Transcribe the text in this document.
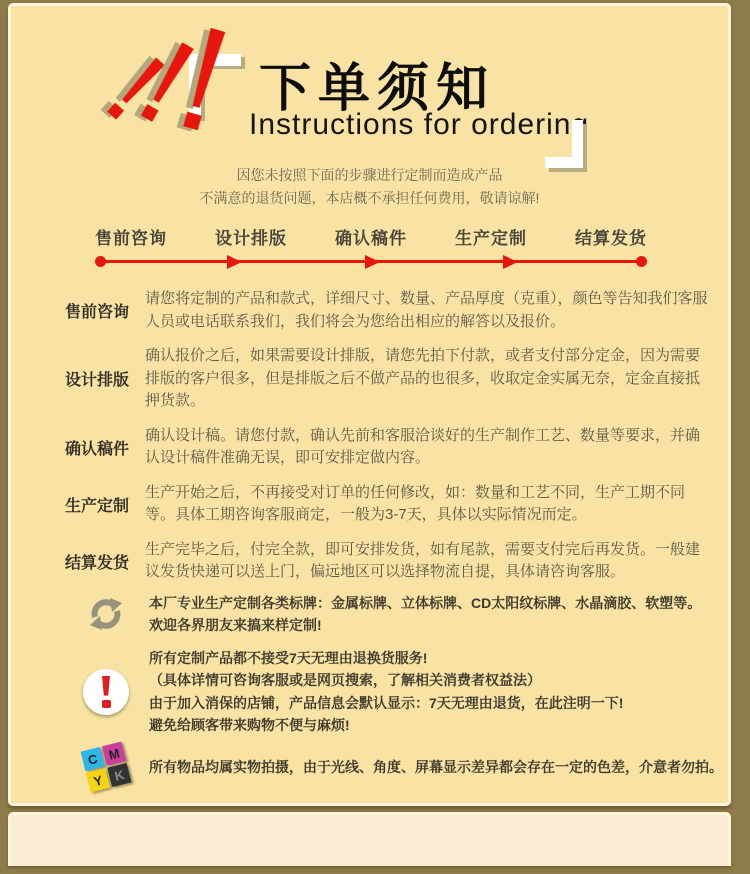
下单须知
Instructions for ordering
因您未按照下面的步骤进行定制而造成产品
不满意的退货问题，本店概不承担任何费用，敬请谅解!
售前咨询	设计排版	确认稿件	生产定制	结算发货
售前咨询
请您将定制的产品和款式，详细尺寸、数量、产品厚度（克重），颜色等告知我们客服人员或电话联系我们，我们将会为您给出相应的解答以及报价。
设计排版
确认报价之后，如果需要设计排版，请您先拍下付款，或者支付部分定金，因为需要排版的客户很多，但是排版之后不做产品的也很多，收取定金实属无奈，定金直接抵押货款。
确认稿件
确认设计稿。请您付款，确认先前和客服洽谈好的生产制作工艺、数量等要求，并确认设计稿件准确无误，即可安排定做内容。
生产定制
生产开始之后，不再接受对订单的任何修改，如：数量和工艺不同，生产工期不同等。具体工期咨询客服商定，一般为3-7天，具体以实际情况而定。
结算发货
生产完毕之后，付完全款，即可安排发货，如有尾款，需要支付完后再发货。一般建议发货快递可以送上门，偏远地区可以选择物流自提，具体请咨询客服。
本厂专业生产定制各类标牌：金属标牌、立体标牌、CD太阳纹标牌、水晶滴胶、软塑等。
欢迎各界朋友来搞来样定制!
所有定制产品都不接受7天无理由退换货服务!
（具体详情可咨询客服或是网页搜索，了解相关消费者权益法）
由于加入消保的店铺，产品信息会默认显示：7天无理由退货，在此注明一下!
避免给顾客带来购物不便与麻烦!
C M
Y K	所有物品均属实物拍摄，由于光线、角度、屏幕显示差异都会存在一定的色差，介意者勿拍。
